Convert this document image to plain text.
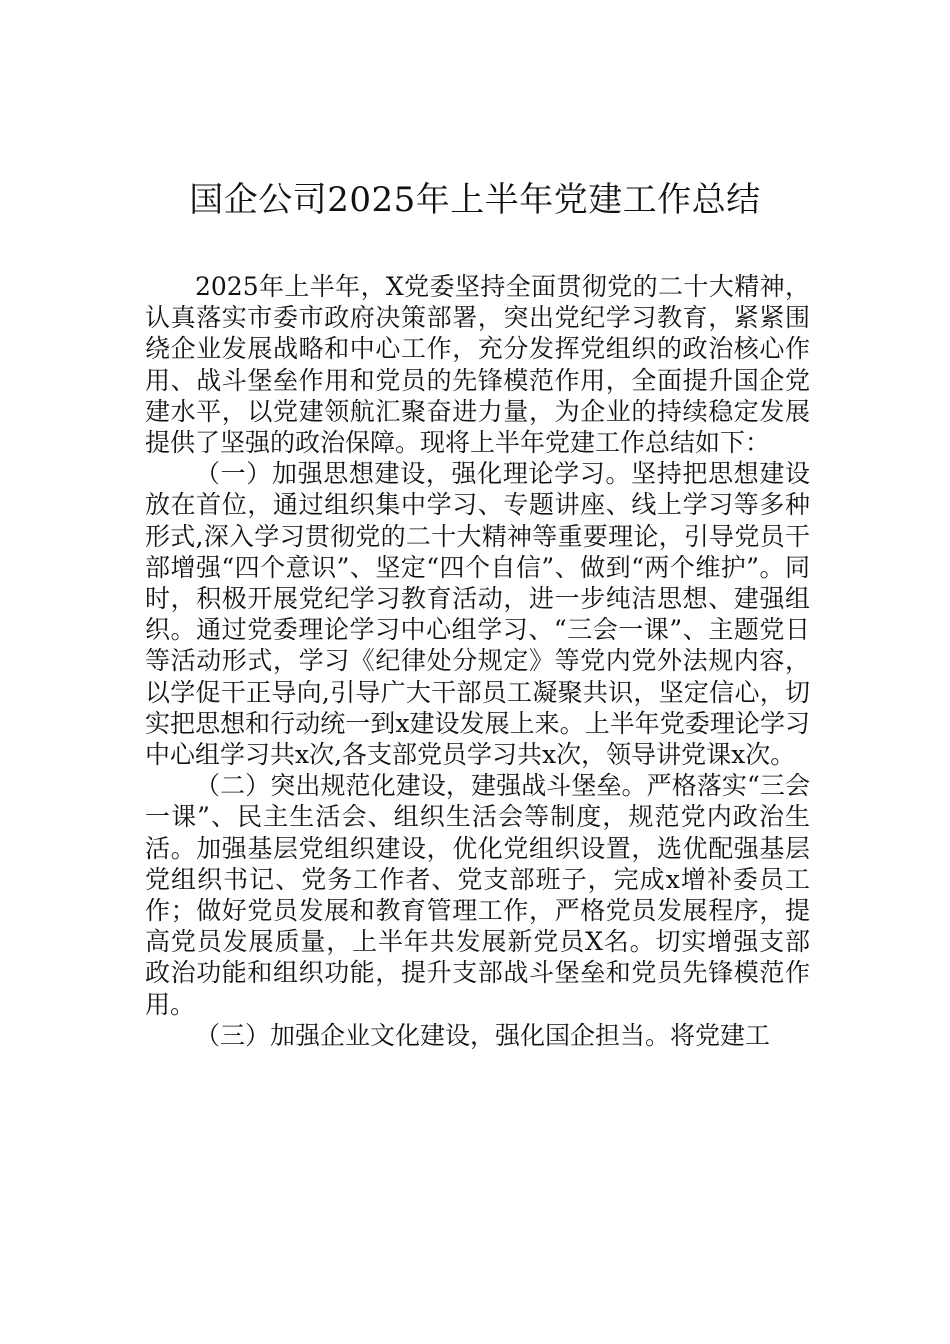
国企公司2025年上半年党建工作总结

2025年上半年，X党委坚持全面贯彻党的二十大精神，认真落实市委市政府决策部署，突出党纪学习教育，紧紧围绕企业发展战略和中心工作，充分发挥党组织的政治核心作用、战斗堡垒作用和党员的先锋模范作用，全面提升国企党建水平，以党建领航汇聚奋进力量，为企业的持续稳定发展提供了坚强的政治保障。现将上半年党建工作总结如下：

（一）加强思想建设，强化理论学习。坚持把思想建设放在首位，通过组织集中学习、专题讲座、线上学习等多种形式,深入学习贯彻党的二十大精神等重要理论，引导党员干部增强“四个意识”、坚定“四个自信”、做到“两个维护”。同时，积极开展党纪学习教育活动，进一步纯洁思想、建强组织。通过党委理论学习中心组学习、“三会一课”、主题党日等活动形式，学习《纪律处分规定》等党内党外法规内容，以学促干正导向,引导广大干部员工凝聚共识，坚定信心，切实把思想和行动统一到x建设发展上来。上半年党委理论学习中心组学习共x次,各支部党员学习共x次，领导讲党课x次。

（二）突出规范化建设，建强战斗堡垒。严格落实“三会一课”、民主生活会、组织生活会等制度，规范党内政治生活。加强基层党组织建设，优化党组织设置，选优配强基层党组织书记、党务工作者、党支部班子，完成x增补委员工作；做好党员发展和教育管理工作，严格党员发展程序，提高党员发展质量，上半年共发展新党员X名。切实增强支部政治功能和组织功能，提升支部战斗堡垒和党员先锋模范作用。

（三）加强企业文化建设，强化国企担当。将党建工
